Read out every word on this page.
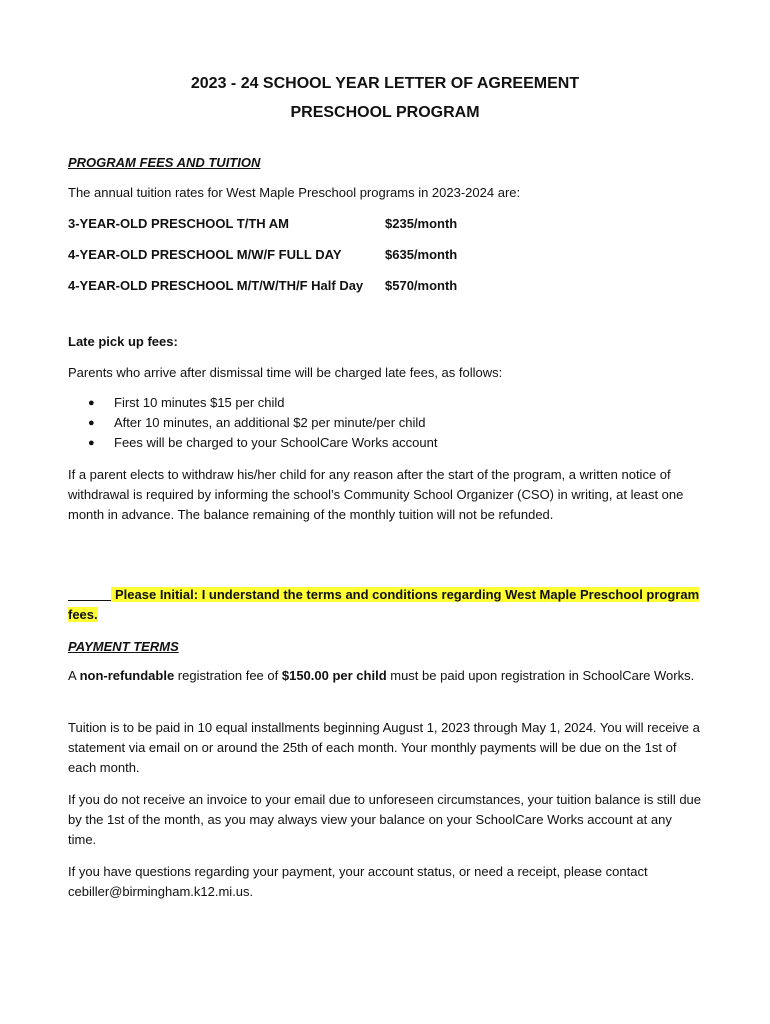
2023 - 24 SCHOOL YEAR LETTER OF AGREEMENT
PRESCHOOL PROGRAM
PROGRAM FEES AND TUITION
The annual tuition rates for West Maple Preschool programs in 2023-2024 are:
3-YEAR-OLD PRESCHOOL T/TH AM	$235/month
4-YEAR-OLD PRESCHOOL M/W/F FULL DAY	$635/month
4-YEAR-OLD PRESCHOOL M/T/W/TH/F Half Day $570/month
Late pick up fees:
Parents who arrive after dismissal time will be charged late fees, as follows:
● First 10 minutes $15 per child
● After 10 minutes, an additional $2 per minute/per child
● Fees will be charged to your SchoolCare Works account

If a parent elects to withdraw his/her child for any reason after the start of the program, a written notice of withdrawal is required by informing the school’s Community School Organizer (CSO) in writing, at least one month in advance. The balance remaining of the monthly tuition will not be refunded.

______ Please Initial: I understand the terms and conditions regarding West Maple Preschool program fees.

PAYMENT TERMS

A non-refundable registration fee of $150.00 per child must be paid upon registration in SchoolCare Works.

Tuition is to be paid in 10 equal installments beginning August 1, 2023 through May 1, 2024. You will receive a statement via email on or around the 25th of each month. Your monthly payments will be due on the 1st of each month.

If you do not receive an invoice to your email due to unforeseen circumstances, your tuition balance is still due by the 1st of the month, as you may always view your balance on your SchoolCare Works account at any time.

If you have questions regarding your payment, your account status, or need a receipt, please contact cebiller@birmingham.k12.mi.us.
